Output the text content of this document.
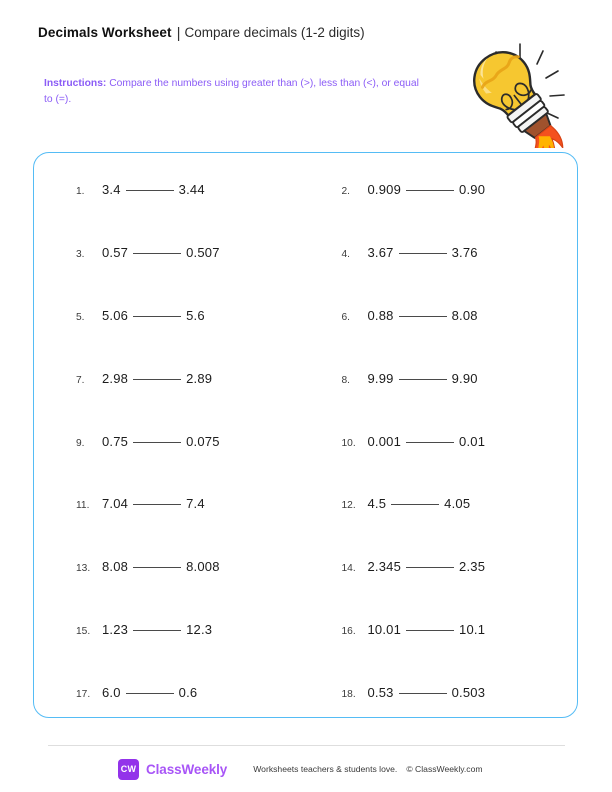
Decimals Worksheet | Compare decimals (1-2 digits)
Instructions: Compare the numbers using greater than (>), less than (<), or equal to (=).
1.	3.4	3.44	2.	0.909	0.90
3.	0.57	0.507	4.	3.67	3.76
5.	5.06	5.6	6.	0.88	8.08
7.	2.98	2.89	8.	9.99	9.90
9.	0.75	0.075	10. 0.001	0.01
11. 7.04	7.4	12. 4.5	4.05
13. 8.08	8.008	14. 2.345	2.35
15. 1.23	12.3	16. 10.01	10.1
17. 6.0	0.6	18. 0.53	0.503
CW ClassWeekly	Worksheets teachers & students love. © ClassWeekly.com
